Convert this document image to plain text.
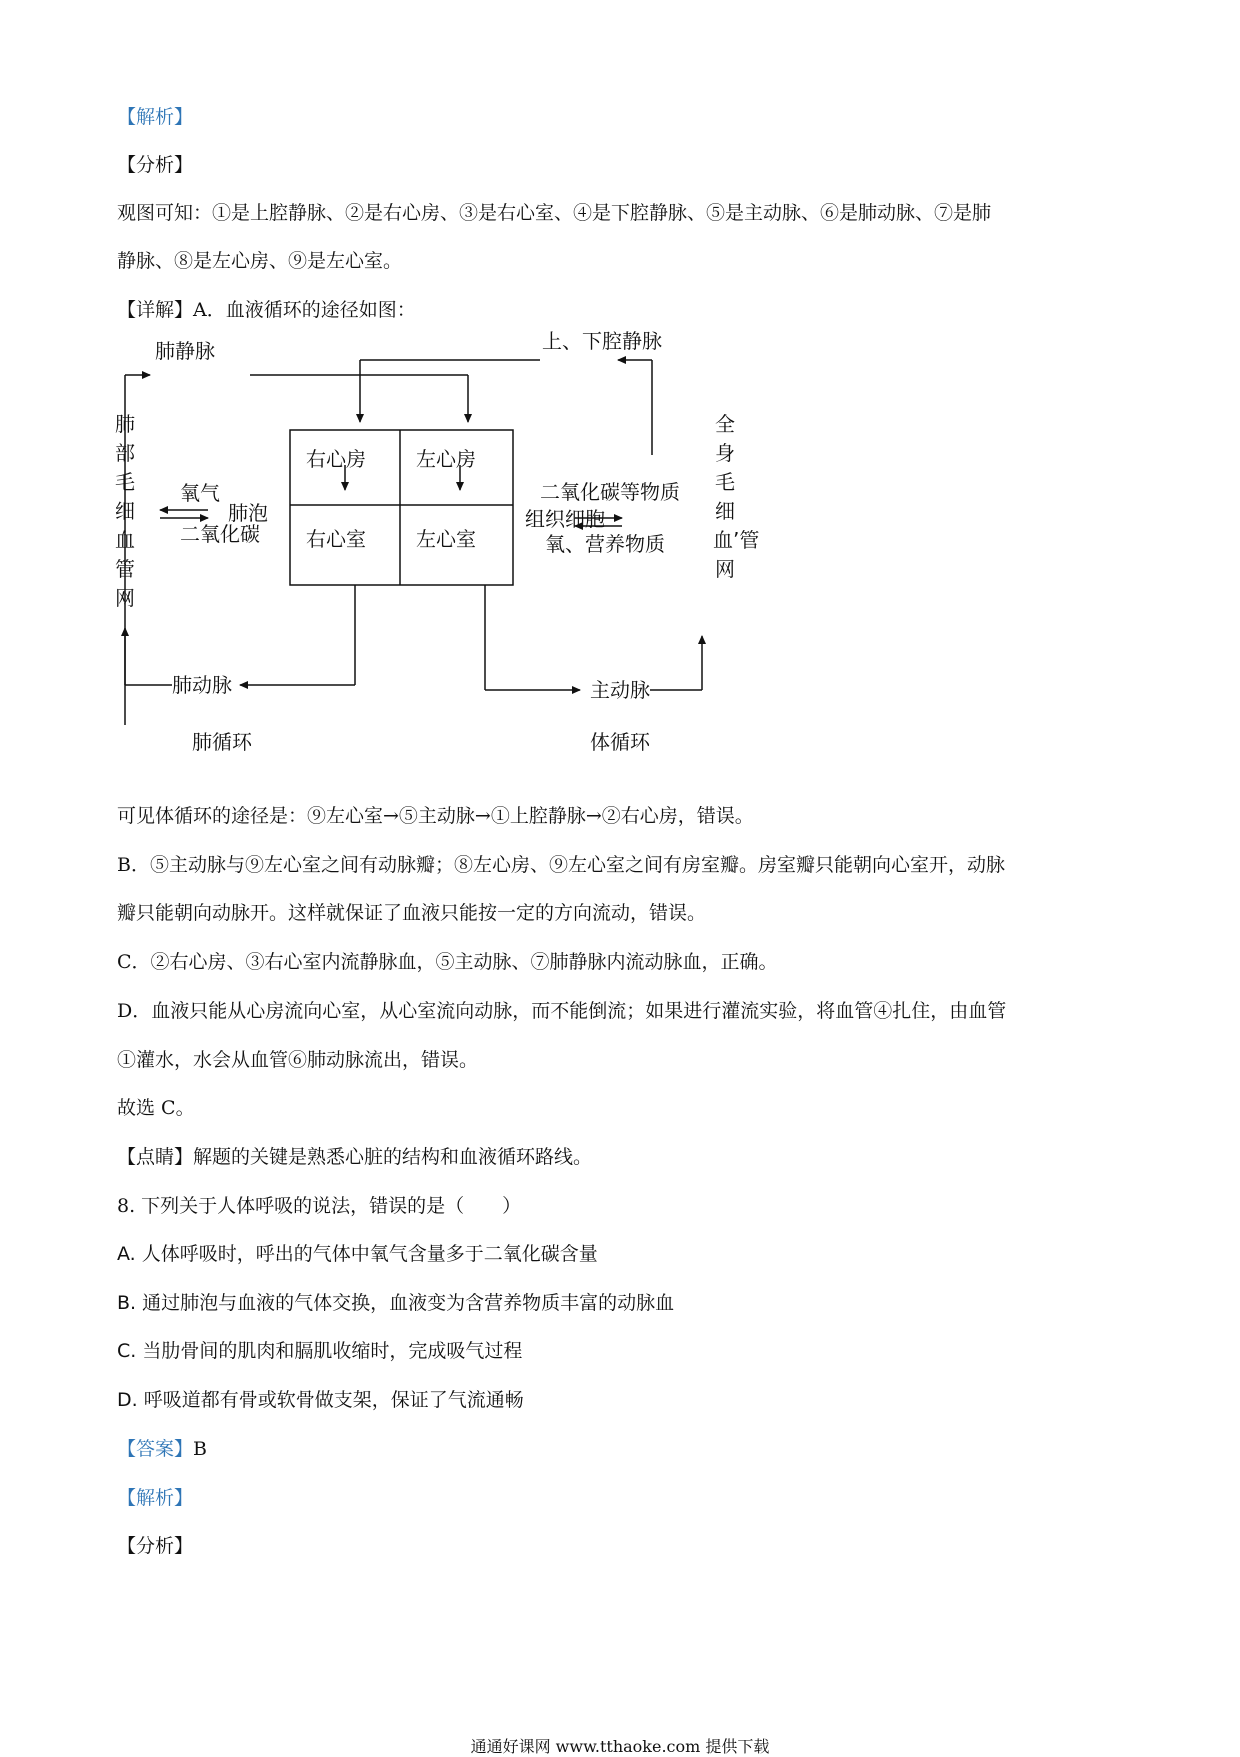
【解析】
【分析】
观图可知：①是上腔静脉、②是右心房、③是右心室、④是下腔静脉、⑤是主动脉、⑥是肺动脉、⑦是肺
静脉、⑧是左心房、⑨是左心室。
【详解】A．血液循环的途径如图：
肺静脉	上、下腔静脉
肺部毛细血管网
全身毛细血’管网
氧气
肺泡
二氧化碳
右心房	左心房
右心室	左心室
二氧化碳等物质
组织细胞
氧、营养物质
肺动脉	主动脉
肺循环	体循环
可见体循环的途径是：⑨左心室→⑤主动脉→①上腔静脉→②右心房，错误。
B．⑤主动脉与⑨左心室之间有动脉瓣；⑧左心房、⑨左心室之间有房室瓣。房室瓣只能朝向心室开，动脉
瓣只能朝向动脉开。这样就保证了血液只能按一定的方向流动，错误。
C．②右心房、③右心室内流静脉血，⑤主动脉、⑦肺静脉内流动脉血，正确。
D．血液只能从心房流向心室，从心室流向动脉，而不能倒流；如果进行灌流实验，将血管④扎住，由血管
①灌水，水会从血管⑥肺动脉流出，错误。
故选 C。
【点睛】解题的关键是熟悉心脏的结构和血液循环路线。
8. 下列关于人体呼吸的说法，错误的是（　　）
A. 人体呼吸时，呼出的气体中氧气含量多于二氧化碳含量
B. 通过肺泡与血液的气体交换，血液变为含营养物质丰富的动脉血
C. 当肋骨间的肌肉和膈肌收缩时，完成吸气过程
D. 呼吸道都有骨或软骨做支架，保证了气流通畅
【答案】B
【解析】
【分析】
通通好课网 www.tthaoke.com 提供下载
